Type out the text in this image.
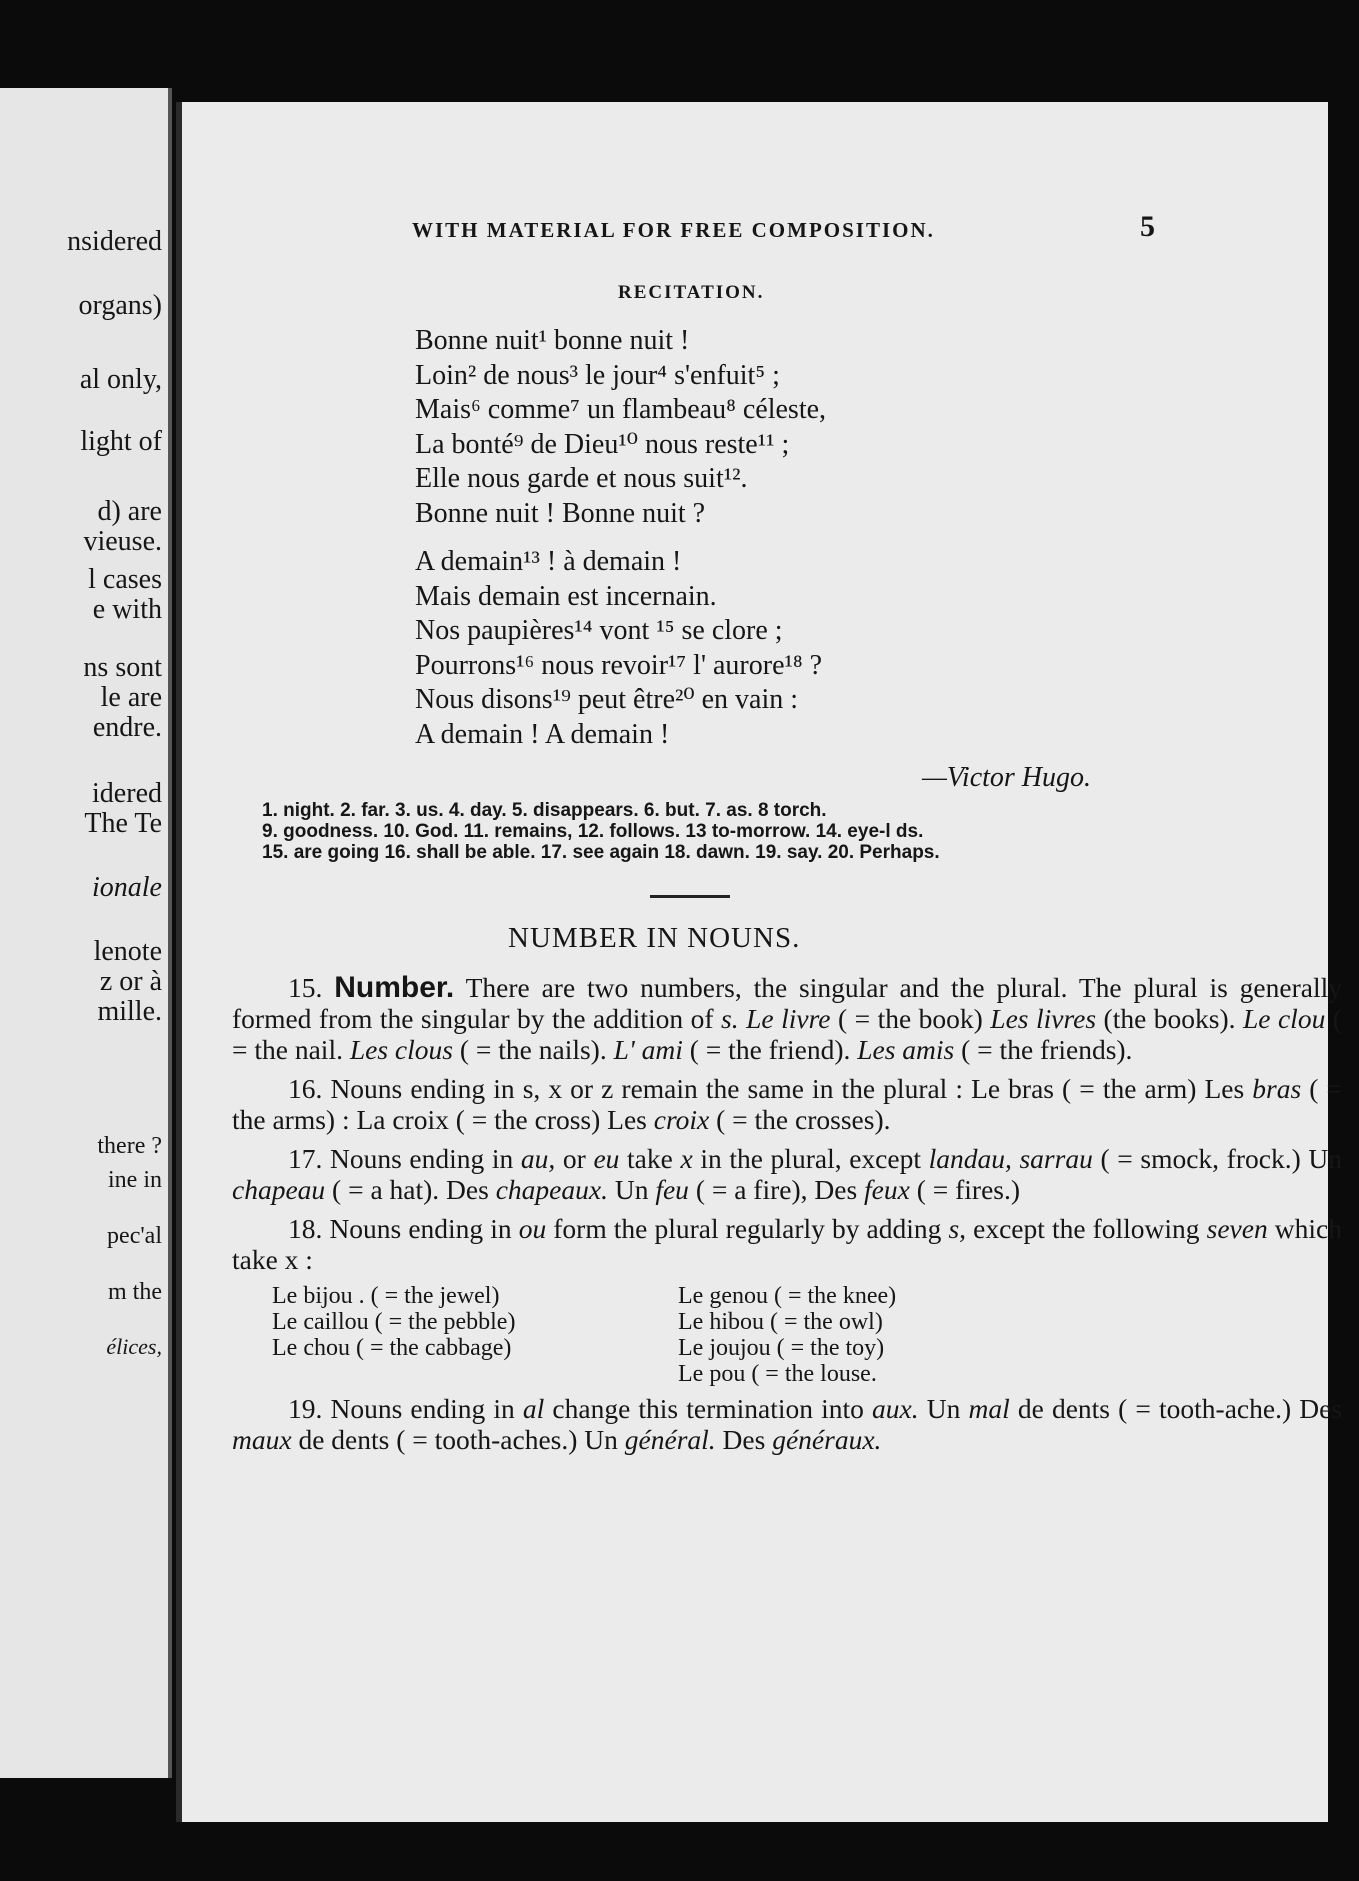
nsidered
organs)
al only,
light of
d) are
vieuse.
l cases
e with
ns sont
le are
endre.
idered
The Te
ionale
lenote
z or à
mille.
there ?
ine in
pec'al
m the
élices,
WITH MATERIAL FOR FREE COMPOSITION.	5
RECITATION.
Bonne nuit¹ bonne nuit !
Loin² de nous³ le jour⁴ s'enfuit⁵ ;
Mais⁶ comme⁷ un flambeau⁸ céleste,
La bonté⁹ de Dieu¹⁰ nous reste¹¹ ;
Elle nous garde et nous suit¹².
Bonne nuit ! Bonne nuit ?
A demain¹³ ! à demain !
Mais demain est incernain.
Nos paupières¹⁴ vont ¹⁵ se clore ;
Pourrons¹⁶ nous revoir¹⁷ l' aurore¹⁸ ?
Nous disons¹⁹ peut être²⁰ en vain :
A demain ! A demain !
—Victor Hugo.
1. night. 2. far. 3. us. 4. day. 5. disappears. 6. but. 7. as. 8 torch.
9. goodness. 10. God. 11. remains, 12. follows. 13 to-morrow. 14. eye-l ds.
15. are going 16. shall be able. 17. see again 18. dawn. 19. say. 20. Perhaps.
NUMBER IN NOUNS.

15. Number. There are two numbers, the singular and the plural. The plural is generally formed from the singular by the addition of s. Le livre ( = the book) Les livres (the books). Le clou ( = the nail. Les clous ( = the nails). L' ami ( = the friend). Les amis ( = the friends).

16. Nouns ending in s, x or z remain the same in the plural : Le bras ( = the arm) Les bras ( = the arms) : La croix ( = the cross) Les croix ( = the crosses).

17. Nouns ending in au, or eu take x in the plural, except landau, sarrau ( = smock, frock.) Un chapeau ( = a hat). Des chapeaux. Un feu ( = a fire), Des feux ( = fires.)

18. Nouns ending in ou form the plural regularly by adding s, except the following seven which take x :

Le bijou . ( = the jewel)	Le genou ( = the knee)
Le caillou ( = the pebble)	Le hibou ( = the owl)
Le chou ( = the cabbage)	Le joujou ( = the toy)
Le pou ( = the louse.

19. Nouns ending in al change this termination into aux. Un mal de dents ( = tooth-ache.) Des maux de dents ( = tooth-aches.) Un général. Des généraux.
